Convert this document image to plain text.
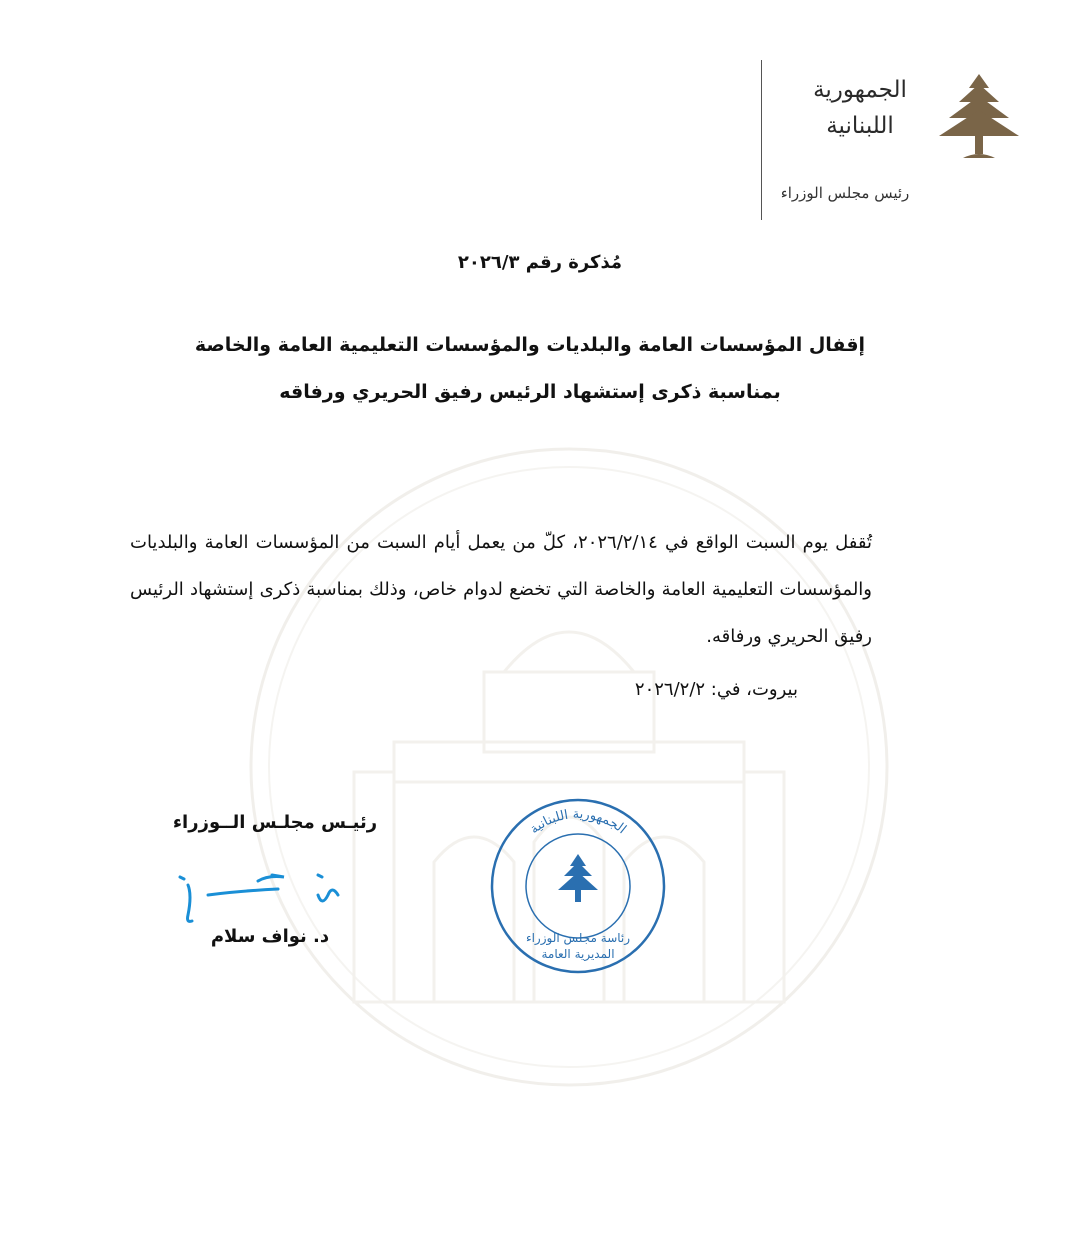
الجمهورية
اللبنانية
رئيس مجلس الوزراء
مُذكرة رقم ٢٠٢٦/٣
إقفال المؤسسات العامة والبلديات والمؤسسات التعليمية العامة والخاصة
بمناسبة ذكرى إستشهاد الرئيس رفيق الحريري ورفاقه
تُقفل يوم السبت الواقع في ٢٠٢٦/٢/١٤، كلّ من يعمل أيام السبت من المؤسسات العامة والبلديات والمؤسسات التعليمية العامة والخاصة التي تخضع لدوام خاص، وذلك بمناسبة ذكرى إستشهاد الرئيس رفيق الحريري ورفاقه.
بيروت، في: ٢٠٢٦/٢/٢
رئيـس مجلـس الــوزراء
د. نواف سلام
الجمهورية اللبنانية
رئاسة مجلس الوزراء
المديرية العامة
